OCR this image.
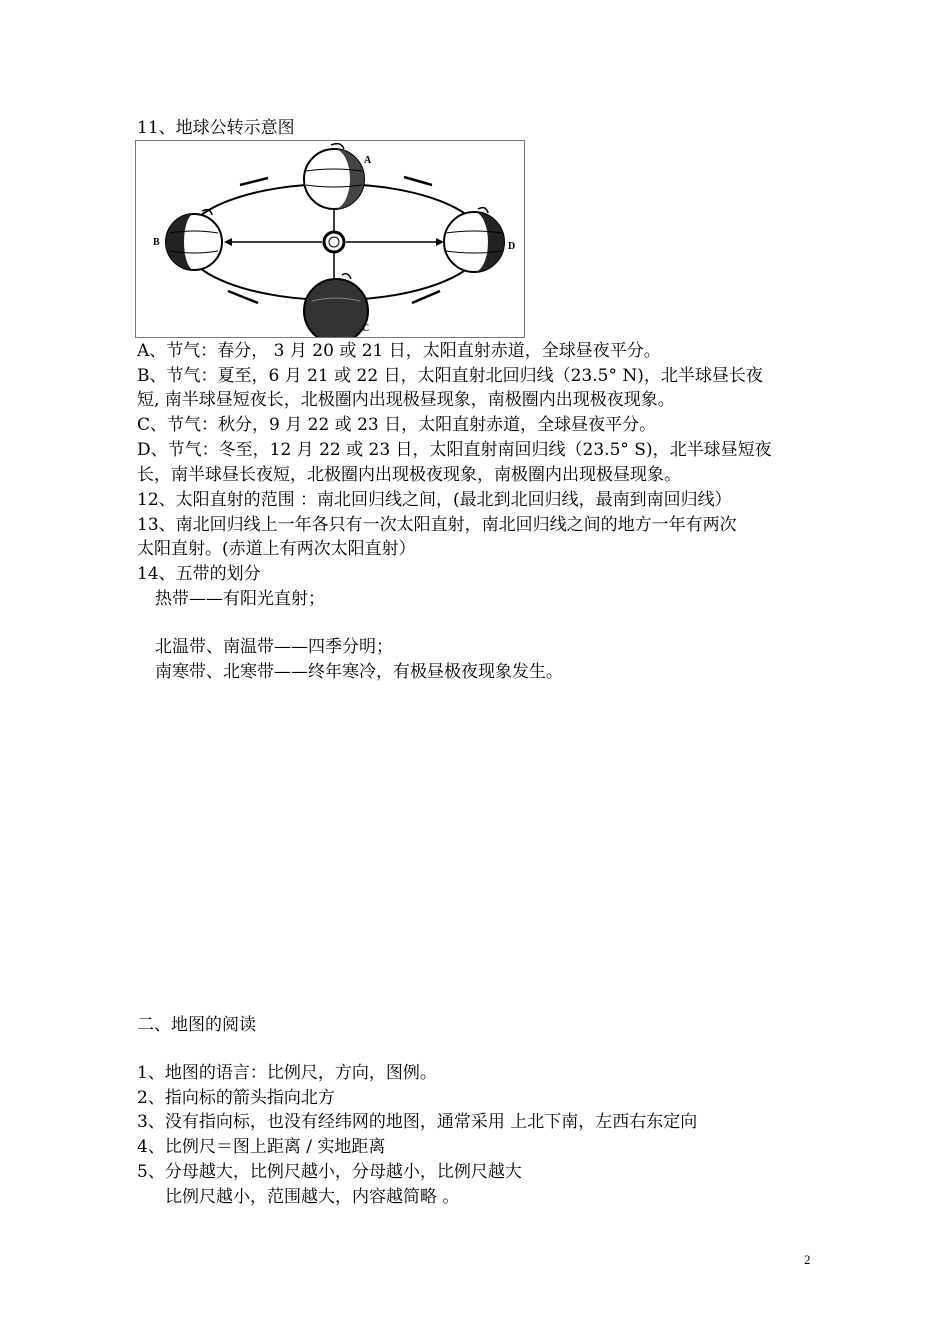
11、地球公转示意图
A
B
C
D
A、节气：春分， 3 月 20 或 21 日，太阳直射赤道，全球昼夜平分。
B、节气：夏至，6 月 21 或 22 日，太阳直射北回归线（23.5° N)，北半球昼长夜
短, 南半球昼短夜长，北极圈内出现极昼现象，南极圈内出现极夜现象。
C、节气：秋分，9 月 22 或 23 日，太阳直射赤道，全球昼夜平分。
D、节气：冬至，12 月 22 或 23 日，太阳直射南回归线（23.5° S)，北半球昼短夜
长，南半球昼长夜短，北极圈内出现极夜现象，南极圈内出现极昼现象。
12、太阳直射的范围 ：南北回归线之间，(最北到北回归线，最南到南回归线）
13、南北回归线上一年各只有一次太阳直射，南北回归线之间的地方一年有两次
太阳直射。(赤道上有两次太阳直射）
14、五带的划分
热带——有阳光直射；
北温带、南温带——四季分明；
南寒带、北寒带——终年寒冷，有极昼极夜现象发生。
二、地图的阅读
1、地图的语言：比例尺，方向，图例。
2、指向标的箭头指向北方
3、没有指向标，也没有经纬网的地图，通常采用 上北下南，左西右东定向
4、比例尺＝图上距离 / 实地距离
5、分母越大，比例尺越小，分母越小，比例尺越大
比例尺越小，范围越大，内容越简略 。
2
